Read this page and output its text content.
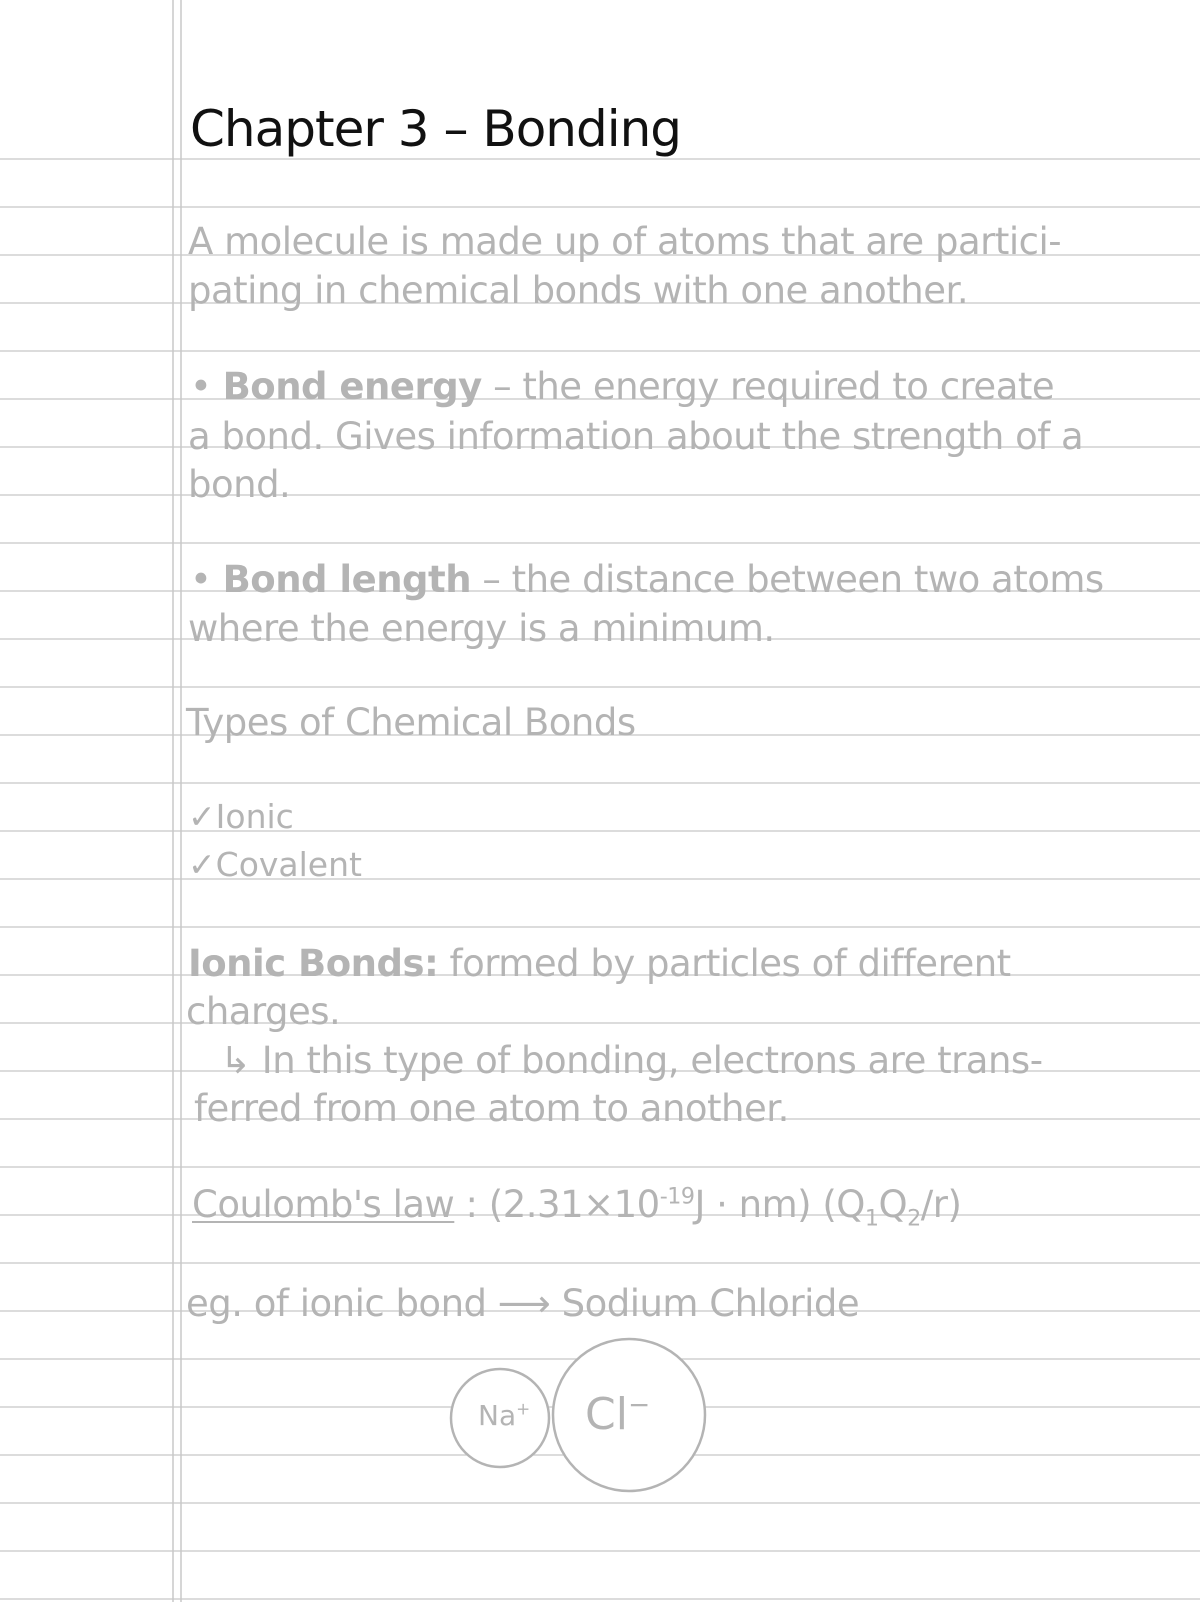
Chapter 3 – Bonding
A molecule is made up of atoms that are partici-
pating in chemical bonds with one another.
• Bond energy – the energy required to create
a bond. Gives information about the strength of a
bond.
• Bond length – the distance between two atoms
where the energy is a minimum.
Types of Chemical Bonds
✓Ionic
✓Covalent
Ionic Bonds: formed by particles of different
charges.
↳ In this type of bonding, electrons are trans-
ferred from one atom to another.
Coulomb's law : $(2.31\times 10^{-19}J \cdot nm)$ $(Q_1Q_2/r)$
eg. of ionic bond ⟶ Sodium Chloride
Na+ Cl−
